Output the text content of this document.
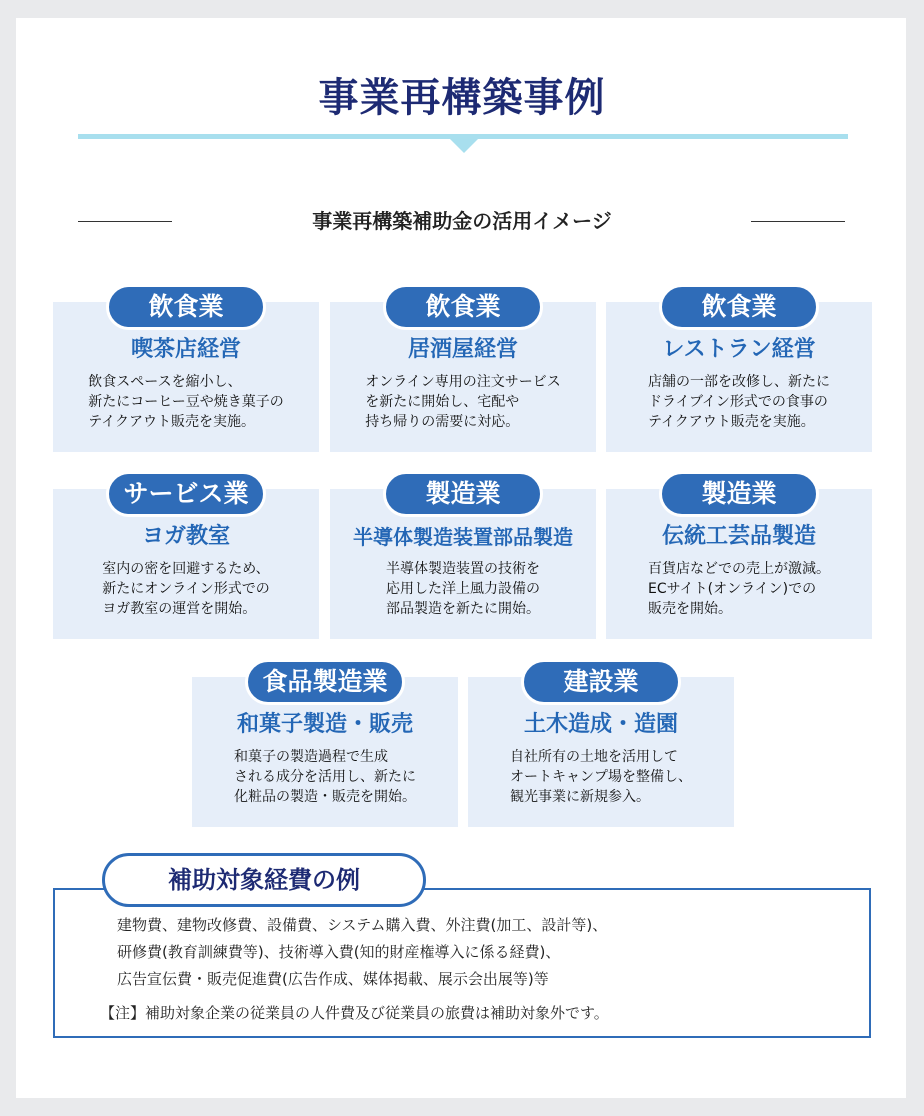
事業再構築事例
事業再構築補助金の活用イメージ
飲食業
喫茶店経営
飲食スペースを縮小し、
新たにコーヒー豆や焼き菓子の
テイクアウト販売を実施。
飲食業
居酒屋経営
オンライン専用の注文サービス
を新たに開始し、宅配や
持ち帰りの需要に対応。
飲食業
レストラン経営
店舗の一部を改修し、新たに
ドライブイン形式での食事の
テイクアウト販売を実施。
サービス業
ヨガ教室
室内の密を回避するため、
新たにオンライン形式での
ヨガ教室の運営を開始。
製造業
半導体製造装置部品製造
半導体製造装置の技術を
応用した洋上風力設備の
部品製造を新たに開始。
製造業
伝統工芸品製造
百貨店などでの売上が激減。
ECサイト(オンライン)での
販売を開始。
食品製造業
和菓子製造・販売
和菓子の製造過程で生成
される成分を活用し、新たに
化粧品の製造・販売を開始。
建設業
土木造成・造園
自社所有の土地を活用して
オートキャンプ場を整備し、
観光事業に新規参入。
補助対象経費の例
建物費、建物改修費、設備費、システム購入費、外注費(加工、設計等)、
研修費(教育訓練費等)、技術導入費(知的財産権導入に係る経費)、
広告宣伝費・販売促進費(広告作成、媒体掲載、展示会出展等)等
【注】補助対象企業の従業員の人件費及び従業員の旅費は補助対象外です。
